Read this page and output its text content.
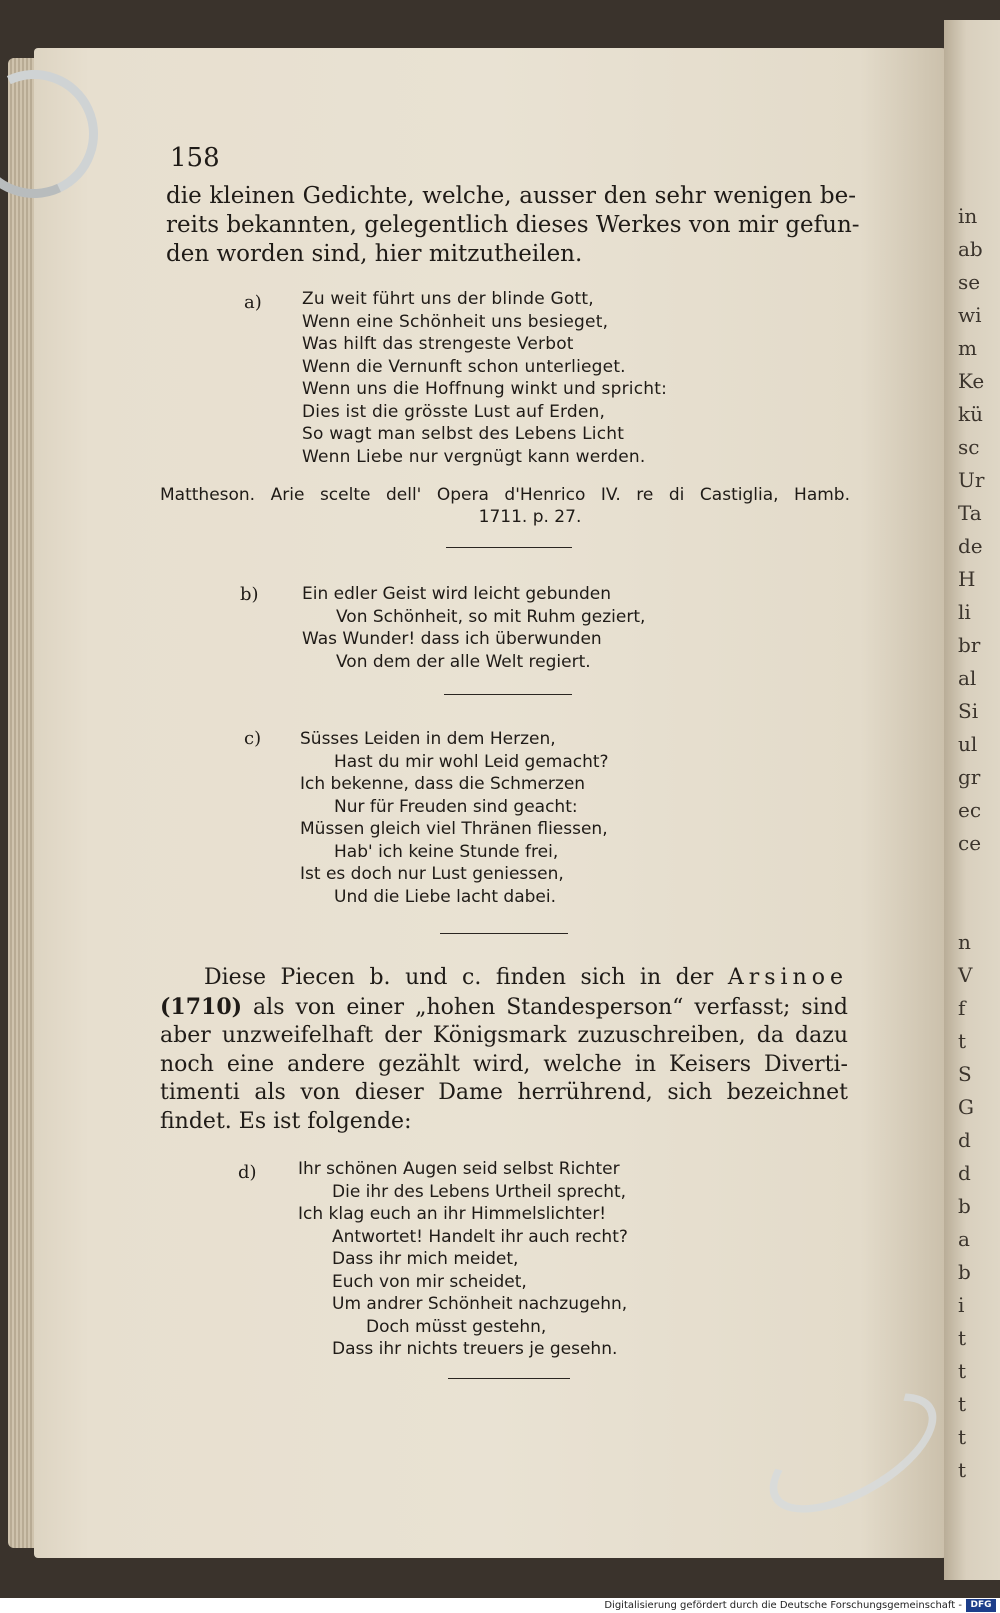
in
ab
se
wi
m
Ke
kü
sc
Ur
Ta
de
H
li
br
al
Si
ul
gr
ec
ce
n
V
f
t
S
G
d
d
b
a
b
i
t
t
t
t
t
158
die kleinen Gedichte, welche, ausser den sehr wenigen be-
reits bekannten, gelegentlich dieses Werkes von mir gefun-
den worden sind, hier mitzutheilen.
a) Zu weit führt uns der blinde Gott,
Wenn eine Schönheit uns besieget,
Was hilft das strengeste Verbot
Wenn die Vernunft schon unterlieget.
Wenn uns die Hoffnung winkt und spricht:
Dies ist die grösste Lust auf Erden,
So wagt man selbst des Lebens Licht
Wenn Liebe nur vergnügt kann werden.
Mattheson. Arie scelte dell' Opera d'Henrico IV. re di Castiglia, Hamb.
1711. p. 27.
b)	Ein edler Geist wird leicht gebunden
Von Schönheit, so mit Ruhm geziert,
Was Wunder! dass ich überwunden
Von dem der alle Welt regiert.
c) Süsses Leiden in dem Herzen,
Hast du mir wohl Leid gemacht?
Ich bekenne, dass die Schmerzen
Nur für Freuden sind geacht:
Müssen gleich viel Thränen fliessen,
Hab' ich keine Stunde frei,
Ist es doch nur Lust geniessen,
Und die Liebe lacht dabei.
Diese Piecen b. und c. finden sich in der Arsinoe
(1710) als von einer „hohen Standesperson“ verfasst; sind
aber unzweifelhaft der Königsmark zuzuschreiben, da dazu
noch eine andere gezählt wird, welche in Keisers Diverti-
timenti als von dieser Dame herrührend, sich bezeichnet
findet. Es ist folgende:
d) Ihr schönen Augen seid selbst Richter
Die ihr des Lebens Urtheil sprecht,
Ich klag euch an ihr Himmelslichter!
Antwortet! Handelt ihr auch recht?
Dass ihr mich meidet,
Euch von mir scheidet,
Um andrer Schönheit nachzugehn,
Doch müsst gestehn,
Dass ihr nichts treuers je gesehn.
Digitalisierung gefördert durch die Deutsche Forschungsgemeinschaft - DFG
